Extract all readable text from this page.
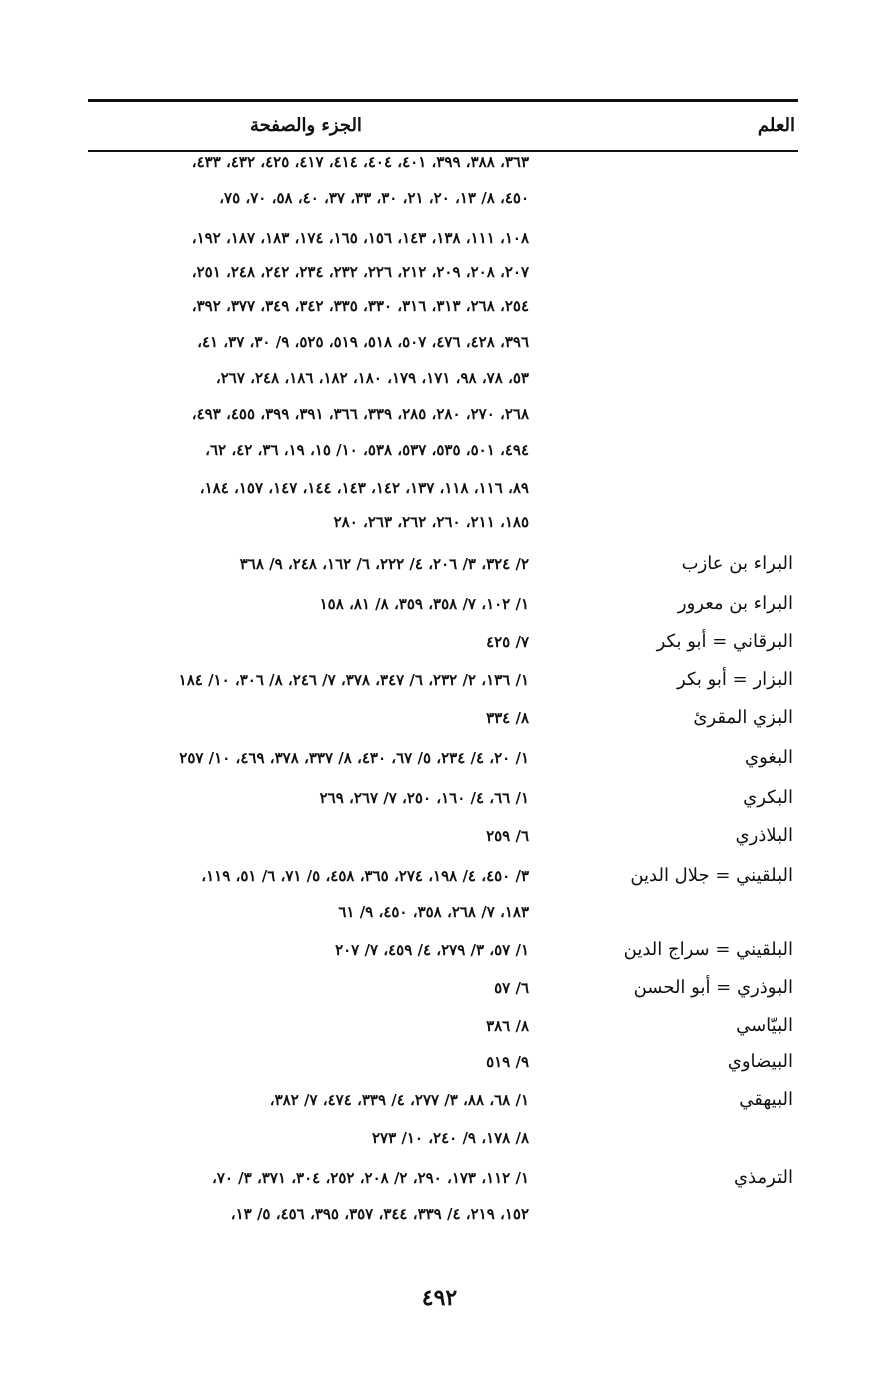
العلم
الجزء والصفحة
٣٦٣، ٣٨٨، ٣٩٩، ٤٠١، ٤٠٤، ٤١٤، ٤١٧، ٤٢٥، ٤٣٢، ٤٣٣،
٤٥٠، ٨/ ١٣، ٢٠، ٢١، ٣٠، ٣٣، ٣٧، ٤٠، ٥٨، ٧٠، ٧٥،
١٠٨، ١١١، ١٣٨، ١٤٣، ١٥٦، ١٦٥، ١٧٤، ١٨٣، ١٨٧، ١٩٢،
٢٠٧، ٢٠٨، ٢٠٩، ٢١٢، ٢٢٦، ٢٣٢، ٢٣٤، ٢٤٢، ٢٤٨، ٢٥١،
٢٥٤، ٢٦٨، ٣١٣، ٣١٦، ٣٣٠، ٣٣٥، ٣٤٢، ٣٤٩، ٣٧٧، ٣٩٢،
٣٩٦، ٤٢٨، ٤٧٦، ٥٠٧، ٥١٨، ٥١٩، ٥٢٥، ٩/ ٣٠، ٣٧، ٤١،
٥٣، ٧٨، ٩٨، ١٧١، ١٧٩، ١٨٠، ١٨٢، ١٨٦، ٢٤٨، ٢٦٧،
٢٦٨، ٢٧٠، ٢٨٠، ٢٨٥، ٣٣٩، ٣٦٦، ٣٩١، ٣٩٩، ٤٥٥، ٤٩٣،
٤٩٤، ٥٠١، ٥٣٥، ٥٣٧، ٥٣٨، ١٠/ ١٥، ١٩، ٣٦، ٤٢، ٦٢،
٨٩، ١١٦، ١١٨، ١٣٧، ١٤٢، ١٤٣، ١٤٤، ١٤٧، ١٥٧، ١٨٤،
١٨٥، ٢١١، ٢٦٠، ٢٦٢، ٢٦٣، ٢٨٠
البراء بن عازب
٢/ ٣٢٤، ٣/ ٢٠٦، ٤/ ٢٢٢، ٦/ ١٦٢، ٢٤٨، ٩/ ٣٦٨
البراء بن معرور
١/ ١٠٢، ٧/ ٣٥٨، ٣٥٩، ٨/ ٨١، ١٥٨
البرقاني = أبو بكر
٧/ ٤٢٥
البزار = أبو بكر
١/ ١٣٦، ٢/ ٢٣٢، ٦/ ٣٤٧، ٣٧٨، ٧/ ٢٤٦، ٨/ ٣٠٦، ١٠/ ١٨٤
البزي المقرئ
٨/ ٣٣٤
البغوي
١/ ٢٠، ٤/ ٢٣٤، ٥/ ٦٧، ٤٣٠، ٨/ ٣٣٧، ٣٧٨، ٤٦٩، ١٠/ ٢٥٧
البكري
١/ ٦٦، ٤/ ١٦٠، ٢٥٠، ٧/ ٢٦٧، ٢٦٩
البلاذري
٦/ ٢٥٩
البلقيني = جلال الدين
٣/ ٤٥٠، ٤/ ١٩٨، ٢٧٤، ٣٦٥، ٤٥٨، ٥/ ٧١، ٦/ ٥١، ١١٩،
١٨٣، ٧/ ٢٦٨، ٣٥٨، ٤٥٠، ٩/ ٦١
البلقيني = سراج الدين
١/ ٥٧، ٣/ ٢٧٩، ٤/ ٤٥٩، ٧/ ٢٠٧
البوذري = أبو الحسن
٦/ ٥٧
البيّاسي
٨/ ٣٨٦
البيضاوي
٩/ ٥١٩
البيهقي
١/ ٦٨، ٨٨، ٣/ ٢٧٧، ٤/ ٣٣٩، ٤٧٤، ٧/ ٣٨٢،
٨/ ١٧٨، ٩/ ٢٤٠، ١٠/ ٢٧٣
الترمذي
١/ ١١٢، ١٧٣، ٢٩٠، ٢/ ٢٠٨، ٢٥٢، ٣٠٤، ٣٧١، ٣/ ٧٠،
١٥٢، ٢١٩، ٤/ ٣٣٩، ٣٤٤، ٣٥٧، ٣٩٥، ٤٥٦، ٥/ ١٣،
٤٩٢
